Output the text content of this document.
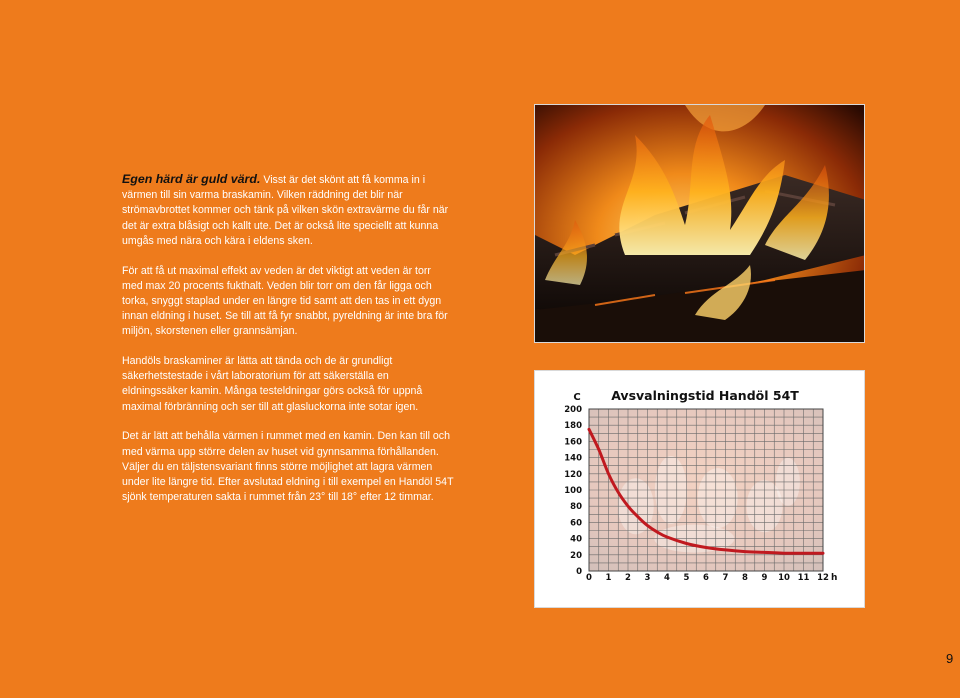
Egen härd är guld värd. Visst är det skönt att få komma in i värmen till sin varma braskamin. Vilken räddning det blir när strömavbrottet kommer och tänk på vilken skön extravärme du får när det är extra blåsigt och kallt ute. Det är också lite speciellt att kunna umgås med nära och kära i eldens sken.

För att få ut maximal effekt av veden är det viktigt att veden är torr med max 20 procents fukthalt. Veden blir torr om den får ligga och torka, snyggt staplad under en längre tid samt att den tas in ett dygn innan eldning i huset. Se till att få fyr snabbt, pyreldning är inte bra för miljön, skorstenen eller grannsämjan.

Handöls braskaminer är lätta att tända och de är grundligt säkerhetstestade i vårt laboratorium för att säkerställa en eldningssäker kamin. Många testeldningar görs också för uppnå maximal förbränning och ser till att glasluckorna inte sotar igen.

Det är lätt att behålla värmen i rummet med en kamin. Den kan till och med värma upp större delen av huset vid gynnsamma förhållanden. Väljer du en täljstensvariant finns större möjlighet att lagra värmen under lite längre tid. Efter avslutad eldning i till exempel en Handöl 54T sjönk temperaturen sakta i rummet från 23° till 18° efter 12 timmar.

Avsvalningstid Handöl 54T
C
h
0
20
40
60
80
100
120
140
160
180
200
0 1 2 3 4 5 6 7 8 9 10 11 12
9
